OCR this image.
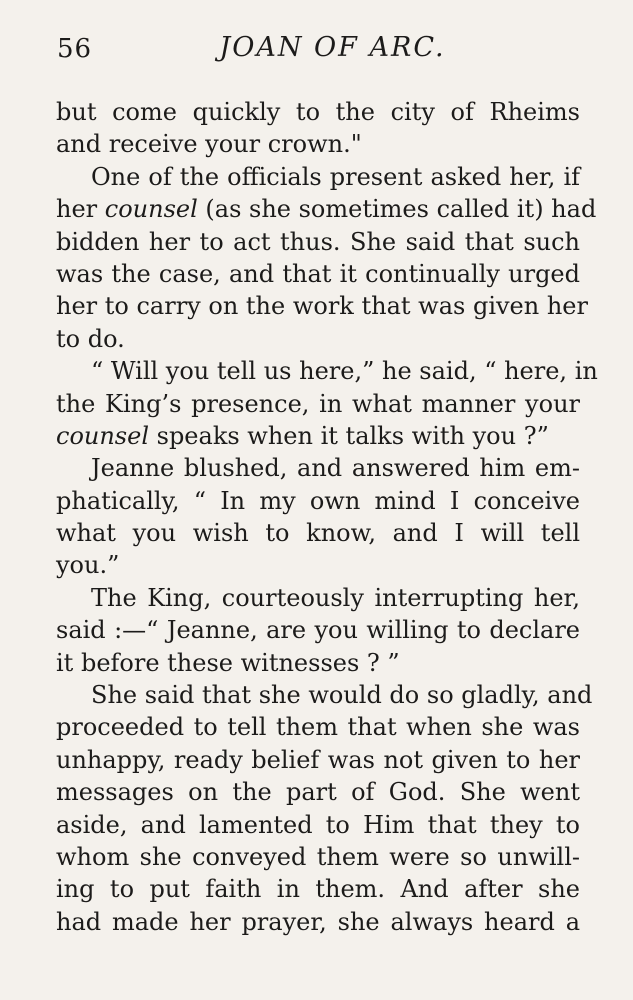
56	JOAN OF ARC.
but come quickly to the city of Rheims
and receive your crown."
One of the officials present asked her, if
her counsel (as she sometimes called it) had
bidden her to act thus. She said that such
was the case, and that it continually urged
her to carry on the work that was given her
to do.
“ Will you tell us here,” he said, “ here, in
the King’s presence, in what manner your
counsel speaks when it talks with you ?”
Jeanne blushed, and answered him em-
phatically, “ In my own mind I conceive
what you wish to know, and I will tell
you.”
The King, courteously interrupting her,
said :—“ Jeanne, are you willing to declare
it before these witnesses ? ”
She said that she would do so gladly, and
proceeded to tell them that when she was
unhappy, ready belief was not given to her
messages on the part of God. She went
aside, and lamented to Him that they to
whom she conveyed them were so unwill-
ing to put faith in them. And after she
had made her prayer, she always heard a
